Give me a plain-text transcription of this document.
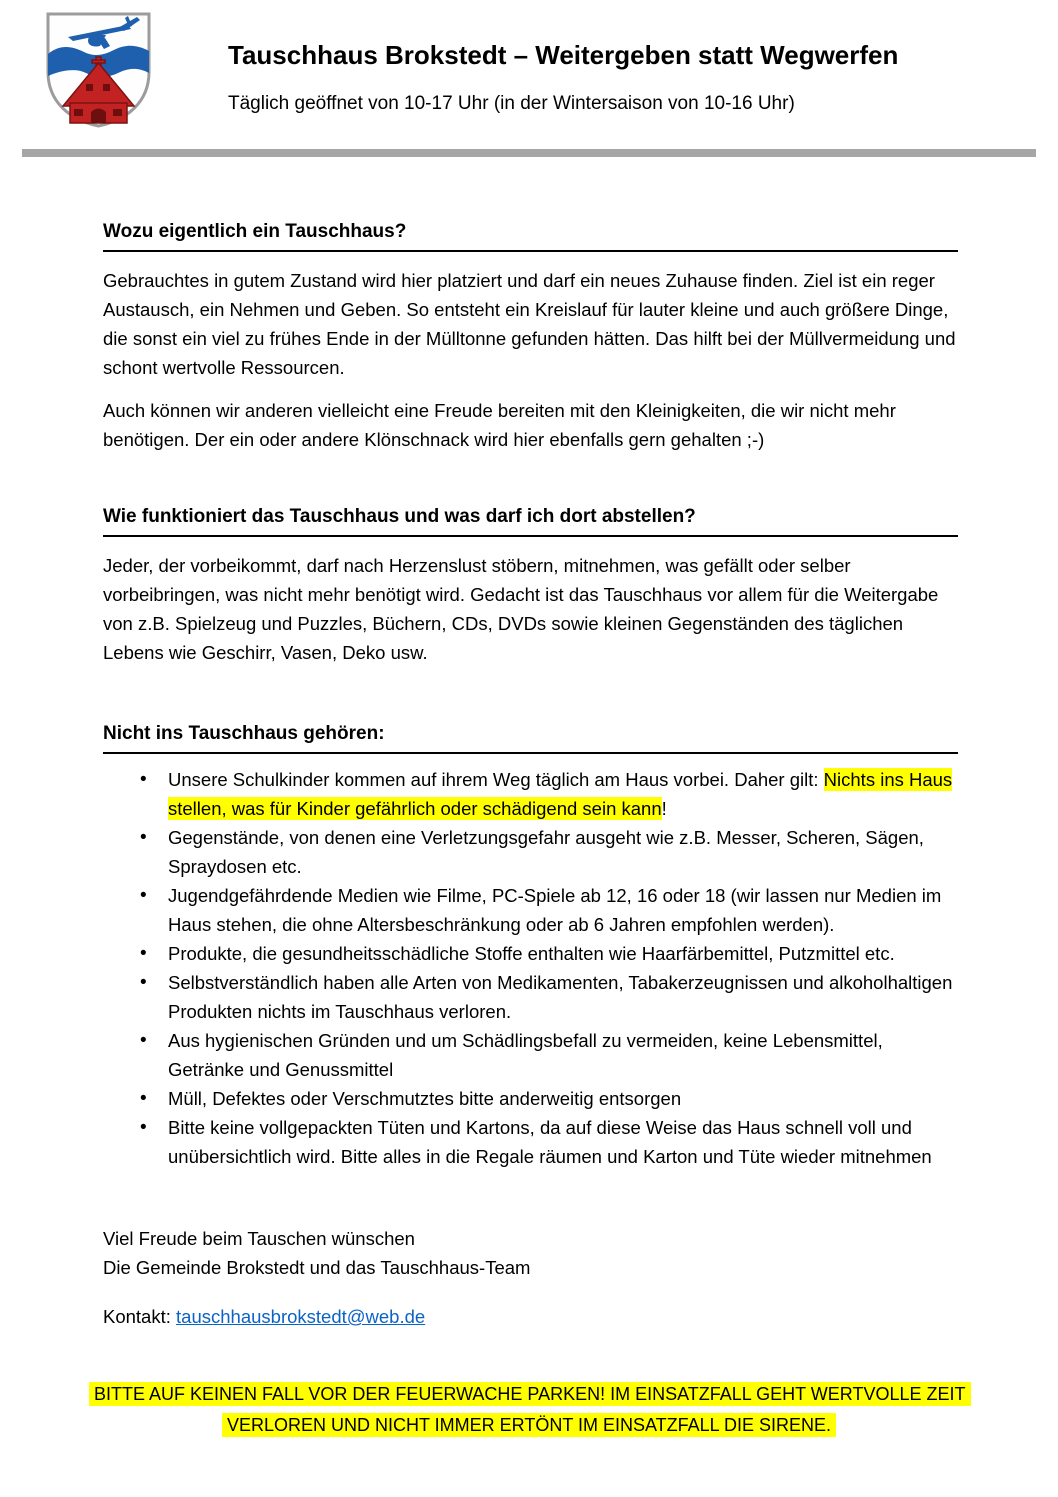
Tauschhaus Brokstedt – Weitergeben statt Wegwerfen

Täglich geöffnet von 10-17 Uhr (in der Wintersaison von 10-16 Uhr)

Wozu eigentlich ein Tauschhaus?

Gebrauchtes in gutem Zustand wird hier platziert und darf ein neues Zuhause finden. Ziel ist ein reger Austausch, ein Nehmen und Geben. So entsteht ein Kreislauf für lauter kleine und auch größere Dinge, die sonst ein viel zu frühes Ende in der Mülltonne gefunden hätten. Das hilft bei der Müllvermeidung und schont wertvolle Ressourcen.

Auch können wir anderen vielleicht eine Freude bereiten mit den Kleinigkeiten, die wir nicht mehr benötigen. Der ein oder andere Klönschnack wird hier ebenfalls gern gehalten ;-)

Wie funktioniert das Tauschhaus und was darf ich dort abstellen?

Jeder, der vorbeikommt, darf nach Herzenslust stöbern, mitnehmen, was gefällt oder selber vorbeibringen, was nicht mehr benötigt wird. Gedacht ist das Tauschhaus vor allem für die Weitergabe von z.B. Spielzeug und Puzzles, Büchern, CDs, DVDs sowie kleinen Gegenständen des täglichen Lebens wie Geschirr, Vasen, Deko usw.

Nicht ins Tauschhaus gehören:
• Unsere Schulkinder kommen auf ihrem Weg täglich am Haus vorbei. Daher gilt: Nichts ins Haus stellen, was für Kinder gefährlich oder schädigend sein kann!
• Gegenstände, von denen eine Verletzungsgefahr ausgeht wie z.B. Messer, Scheren, Sägen, Spraydosen etc.
• Jugendgefährdende Medien wie Filme, PC-Spiele ab 12, 16 oder 18 (wir lassen nur Medien im Haus stehen, die ohne Altersbeschränkung oder ab 6 Jahren empfohlen werden).
• Produkte, die gesundheitsschädliche Stoffe enthalten wie Haarfärbemittel, Putzmittel etc.
• Selbstverständlich haben alle Arten von Medikamenten, Tabakerzeugnissen und alkoholhaltigen Produkten nichts im Tauschhaus verloren.
• Aus hygienischen Gründen und um Schädlingsbefall zu vermeiden, keine Lebensmittel, Getränke und Genussmittel
• Müll, Defektes oder Verschmutztes bitte anderweitig entsorgen
• Bitte keine vollgepackten Tüten und Kartons, da auf diese Weise das Haus schnell voll und unübersichtlich wird. Bitte alles in die Regale räumen und Karton und Tüte wieder mitnehmen

Viel Freude beim Tauschen wünschen

Die Gemeinde Brokstedt und das Tauschhaus-Team

Kontakt: tauschhausbrokstedt@web.de

BITTE AUF KEINEN FALL VOR DER FEUERWACHE PARKEN! IM EINSATZFALL GEHT WERTVOLLE ZEIT VERLOREN UND NICHT IMMER ERTÖNT IM EINSATZFALL DIE SIRENE.
